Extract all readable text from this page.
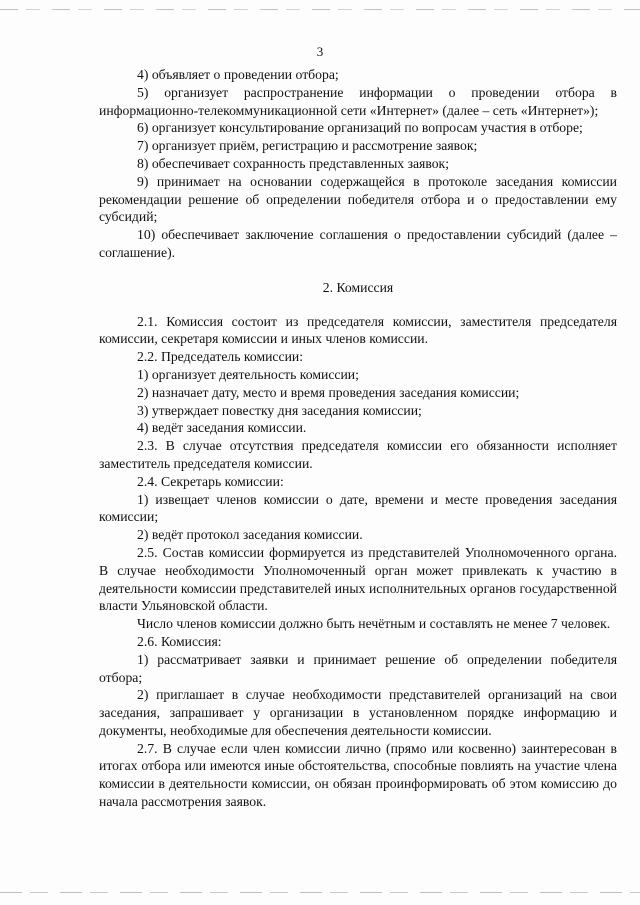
3

4) объявляет о проведении отбора;

5) организует распространение информации о проведении отбора в информационно-телекоммуникационной сети «Интернет» (далее – сеть «Интернет»);

6) организует консультирование организаций по вопросам участия в отборе;

7) организует приём, регистрацию и рассмотрение заявок;

8) обеспечивает сохранность представленных заявок;

9) принимает на основании содержащейся в протоколе заседания комиссии рекомендации решение об определении победителя отбора и о предоставлении ему субсидий;

10) обеспечивает заключение соглашения о предоставлении субсидий (далее – соглашение).

2. Комиссия

2.1. Комиссия состоит из председателя комиссии, заместителя председателя комиссии, секретаря комиссии и иных членов комиссии.

2.2. Председатель комиссии:

1) организует деятельность комиссии;

2) назначает дату, место и время проведения заседания комиссии;

3) утверждает повестку дня заседания комиссии;

4) ведёт заседания комиссии.

2.3. В случае отсутствия председателя комиссии его обязанности исполняет заместитель председателя комиссии.

2.4. Секретарь комиссии:

1) извещает членов комиссии о дате, времени и месте проведения заседания комиссии;

2) ведёт протокол заседания комиссии.

2.5. Состав комиссии формируется из представителей Уполномоченного органа. В случае необходимости Уполномоченный орган может привлекать к участию в деятельности комиссии представителей иных исполнительных органов государственной власти Ульяновской области.

Число членов комиссии должно быть нечётным и составлять не менее 7 человек.

2.6. Комиссия:

1) рассматривает заявки и принимает решение об определении победителя отбора;

2) приглашает в случае необходимости представителей организаций на свои заседания, запрашивает у организации в установленном порядке информацию и документы, необходимые для обеспечения деятельности комиссии.

2.7. В случае если член комиссии лично (прямо или косвенно) заинтересован в итогах отбора или имеются иные обстоятельства, способные повлиять на участие члена комиссии в деятельности комиссии, он обязан проинформировать об этом комиссию до начала рассмотрения заявок.
